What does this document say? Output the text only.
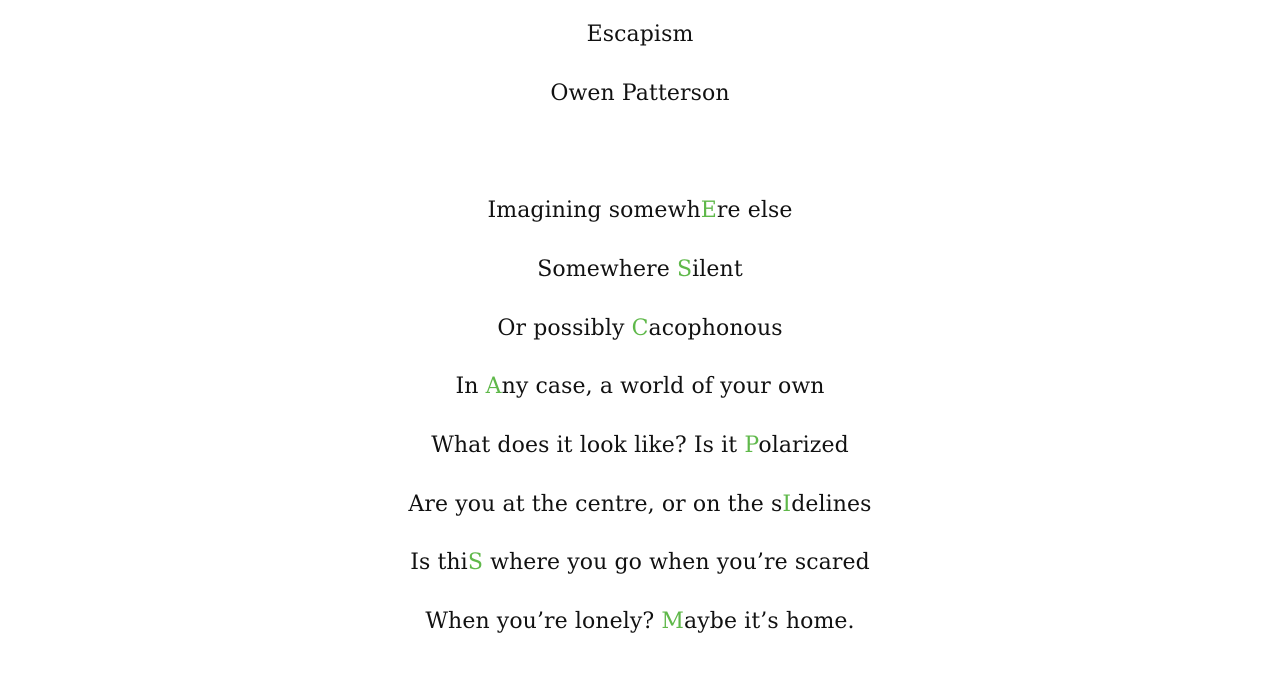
Escapism
Owen Patterson
Imagining somewhEre else
Somewhere Silent
Or possibly Cacophonous
In Any case, a world of your own
What does it look like? Is it Polarized
Are you at the centre, or on the sIdelines
Is thiS where you go when you’re scared
When you’re lonely? Maybe it’s home.
